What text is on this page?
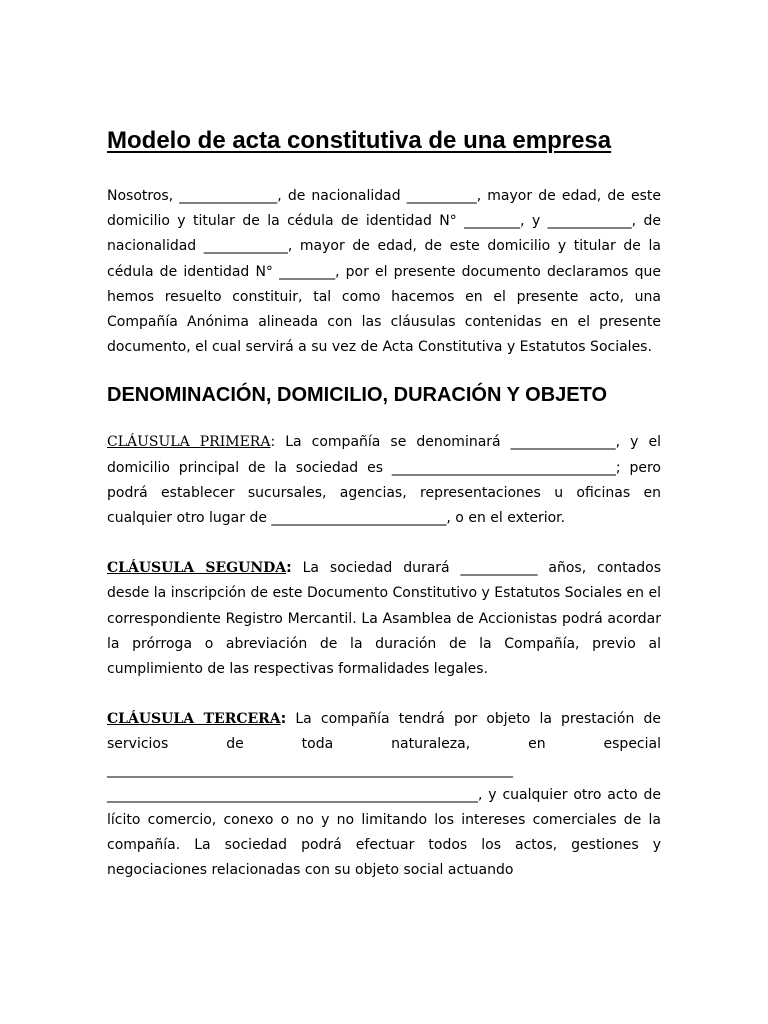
Modelo de acta constitutiva de una empresa

Nosotros, ______________, de nacionalidad __________, mayor de edad, de este domicilio y titular de la cédula de identidad N° ________, y ____________, de nacionalidad ____________, mayor de edad, de este domicilio y titular de la cédula de identidad N° ________, por el presente documento declaramos que hemos resuelto constituir, tal como hacemos en el presente acto, una Compañía Anónima alineada con las cláusulas contenidas en el presente documento, el cual servirá a su vez de Acta Constitutiva y Estatutos Sociales.

DENOMINACIÓN, DOMICILIO, DURACIÓN Y OBJETO

CLÁUSULA PRIMERA: La compañía se denominará _______________, y el domicilio principal de la sociedad es ________________________________; pero podrá establecer sucursales, agencias, representaciones u oficinas en cualquier otro lugar de _________________________, o en el exterior.

CLÁUSULA SEGUNDA: La sociedad durará ___________ años, contados desde la inscripción de este Documento Constitutivo y Estatutos Sociales en el correspondiente Registro Mercantil. La Asamblea de Accionistas podrá acordar la prórroga o abreviación de la duración de la Compañía, previo al cumplimiento de las respectivas formalidades legales.

CLÁUSULA TERCERA: La compañía tendrá por objeto la prestación de servicios de toda naturaleza, en especial __________________________________________________________ _____________________________________________________, y cualquier otro acto de lícito comercio, conexo o no y no limitando los intereses comerciales de la compañía. La sociedad podrá efectuar todos los actos, gestiones y negociaciones relacionadas con su objeto social actuando
